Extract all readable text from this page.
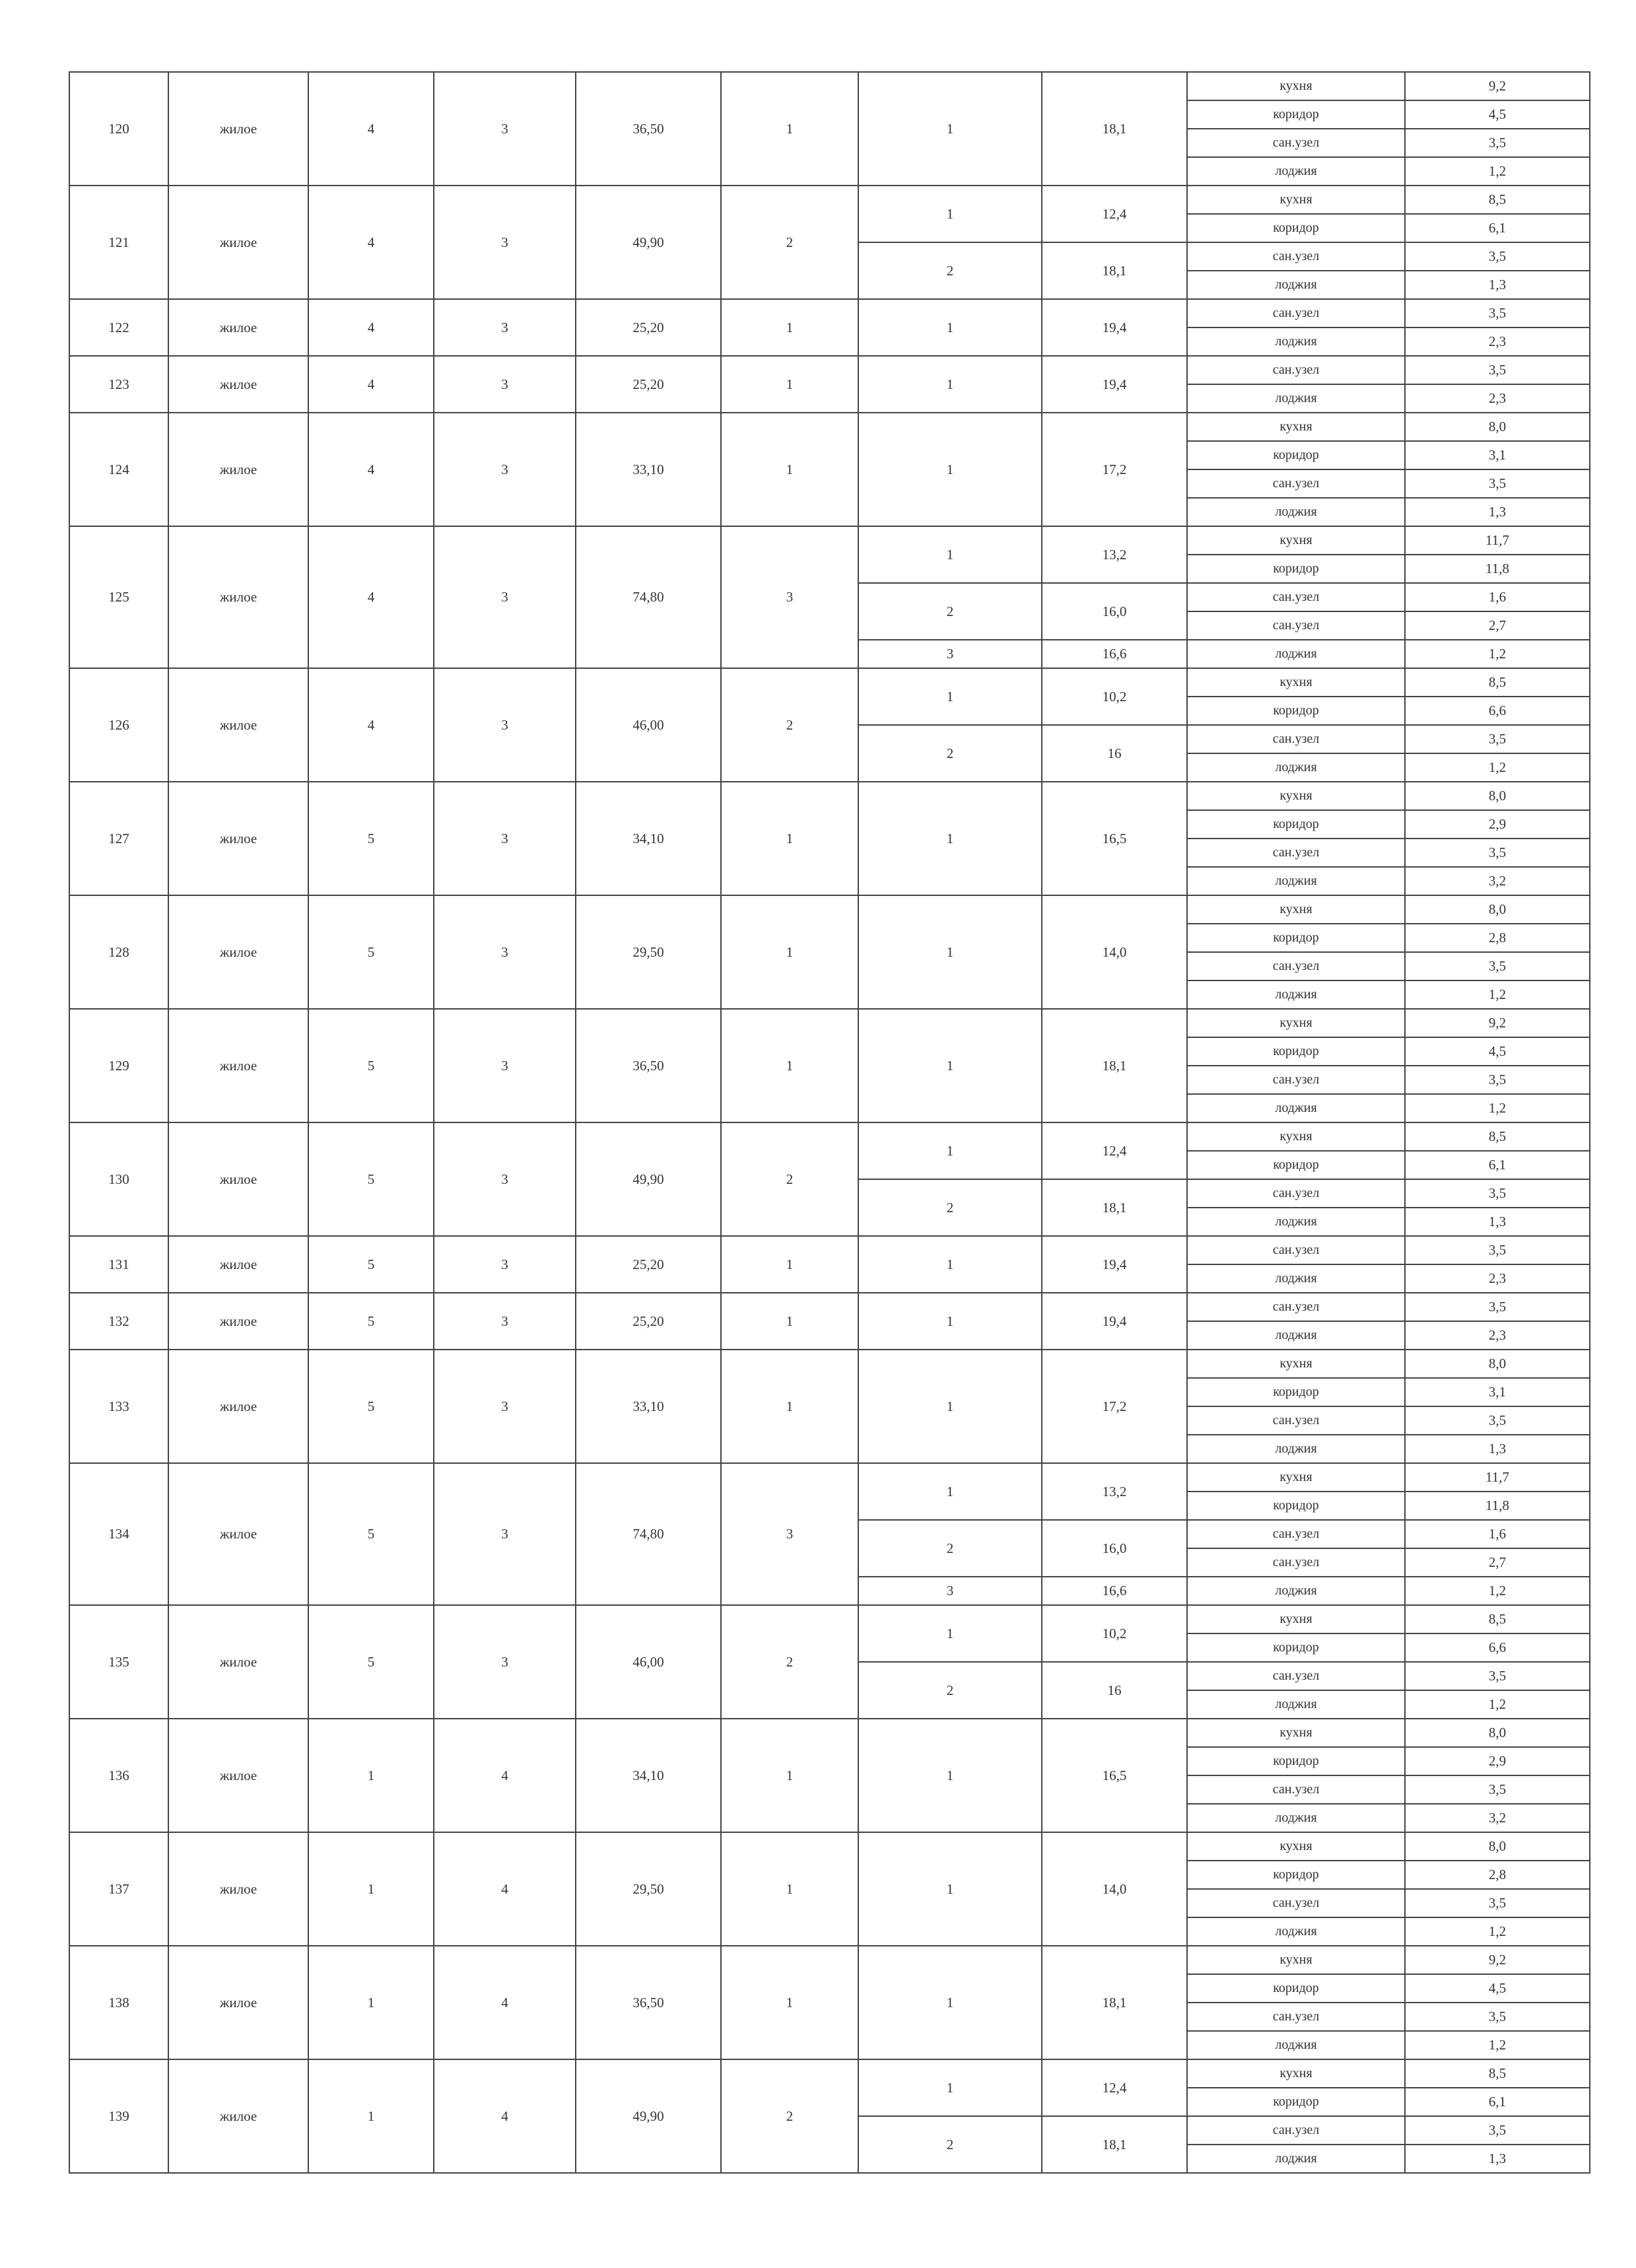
120	жилое	4	3	36,50	1	1	18,1	кухня	9,2
								коридор	4,5
								сан.узел	3,5
								лоджия	1,2
121	жилое	4	3	49,90	2	1	12,4	кухня	8,5
								коридор	6,1
						2	18,1	сан.узел	3,5
								лоджия	1,3
122	жилое	4	3	25,20	1	1	19,4	сан.узел	3,5
								лоджия	2,3
123	жилое	4	3	25,20	1	1	19,4	сан.узел	3,5
								лоджия	2,3
124	жилое	4	3	33,10	1	1	17,2	кухня	8,0
								коридор	3,1
								сан.узел	3,5
								лоджия	1,3
125	жилое	4	3	74,80	3	1	13,2	кухня	11,7
								коридор	11,8
						2	16,0	сан.узел	1,6
								сан.узел	2,7
						3	16,6	лоджия	1,2
126	жилое	4	3	46,00	2	1	10,2	кухня	8,5
								коридор	6,6
						2	16	сан.узел	3,5
								лоджия	1,2
127	жилое	5	3	34,10	1	1	16,5	кухня	8,0
								коридор	2,9
								сан.узел	3,5
								лоджия	3,2
128	жилое	5	3	29,50	1	1	14,0	кухня	8,0
								коридор	2,8
								сан.узел	3,5
								лоджия	1,2
129	жилое	5	3	36,50	1	1	18,1	кухня	9,2
								коридор	4,5
								сан.узел	3,5
								лоджия	1,2
130	жилое	5	3	49,90	2	1	12,4	кухня	8,5
								коридор	6,1
						2	18,1	сан.узел	3,5
								лоджия	1,3
131	жилое	5	3	25,20	1	1	19,4	сан.узел	3,5
								лоджия	2,3
132	жилое	5	3	25,20	1	1	19,4	сан.узел	3,5
								лоджия	2,3
133	жилое	5	3	33,10	1	1	17,2	кухня	8,0
								коридор	3,1
								сан.узел	3,5
								лоджия	1,3
134	жилое	5	3	74,80	3	1	13,2	кухня	11,7
								коридор	11,8
						2	16,0	сан.узел	1,6
								сан.узел	2,7
						3	16,6	лоджия	1,2
135	жилое	5	3	46,00	2	1	10,2	кухня	8,5
								коридор	6,6
						2	16	сан.узел	3,5
								лоджия	1,2
136	жилое	1	4	34,10	1	1	16,5	кухня	8,0
								коридор	2,9
								сан.узел	3,5
								лоджия	3,2
137	жилое	1	4	29,50	1	1	14,0	кухня	8,0
								коридор	2,8
								сан.узел	3,5
								лоджия	1,2
138	жилое	1	4	36,50	1	1	18,1	кухня	9,2
								коридор	4,5
								сан.узел	3,5
								лоджия	1,2
139	жилое	1	4	49,90	2	1	12,4	кухня	8,5
								коридор	6,1
						2	18,1	сан.узел	3,5
								лоджия	1,3
